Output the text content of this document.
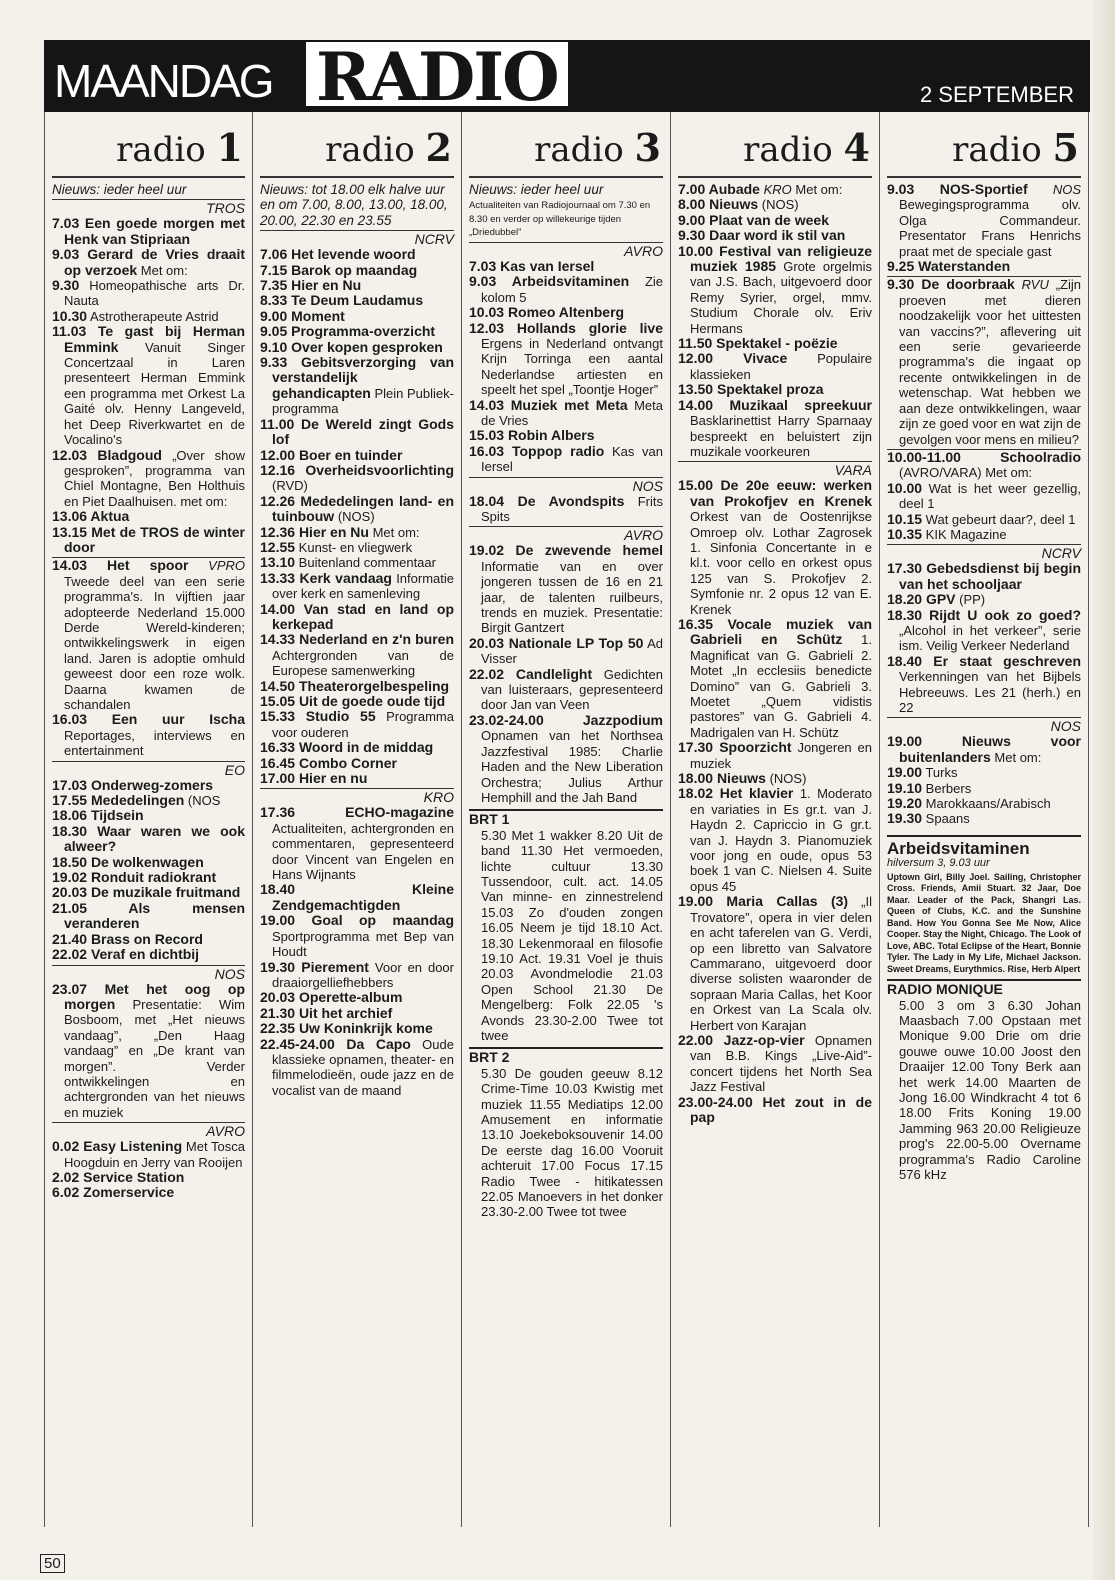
MAANDAG RADIO	2 SEPTEMBER
radio 1
Nieuws: ieder heel uur
TROS
7.03 Een goede morgen met Henk van Stipriaan
9.03 Gerard de Vries draait op verzoek Met om:
9.30 Homeopathische arts Dr. Nauta
10.30 Astrotherapeute Astrid
11.03 Te gast bij Herman Emmink Vanuit Singer Concertzaal in Laren presenteert Herman Emmink een programma met Orkest La Gaité olv. Henny Langeveld, het Deep Riverkwartet en de Vocalino's
12.03 Bladgoud „Over show gesproken”, programma van Chiel Montagne, Ben Holthuis en Piet Daalhuisen. met om:
13.06 Aktua
13.15 Met de TROS de winter door
14.03 Het spoor VPRO Tweede deel van een serie programma's. In vijftien jaar adopteerde Nederland 15.000 Derde Wereld-kinderen; ontwikkelingswerk in eigen land. Jaren is adoptie omhuld geweest door een roze wolk. Daarna kwamen de schandalen
16.03 Een uur Ischa Reportages, interviews en entertainment
EO
17.03 Onderweg-zomers
17.55 Mededelingen (NOS
18.06 Tijdsein
18.30 Waar waren we ook alweer?
18.50 De wolkenwagen
19.02 Ronduit radiokrant
20.03 De muzikale fruitmand
21.05	Als mensen veranderen
21.40 Brass on Record
22.02 Veraf en dichtbij
NOS
23.07 Met het oog op morgen Presentatie: Wim Bosboom, met „Het nieuws vandaag”, „Den Haag vandaag” en „De krant van morgen”. Verder ontwikkelingen en achtergronden van het nieuws en muziek
AVRO
0.02 Easy Listening Met Tosca Hoogduin en Jerry van Rooijen
2.02 Service Station
6.02 Zomerservice
radio 2
Nieuws: tot 18.00 elk halve uur en om 7.00, 8.00, 13.00, 18.00, 20.00, 22.30 en 23.55
NCRV
7.06 Het levende woord
7.15 Barok op maandag
7.35 Hier en Nu
8.33 Te Deum Laudamus
9.00 Moment
9.05 Programma-overzicht
9.10 Over kopen gesproken
9.33 Gebitsverzorging van verstandelijk gehandicapten Plein Publiek-programma
11.00 De Wereld zingt Gods lof
12.00 Boer en tuinder
12.16 Overheidsvoorlichting (RVD)
12.26 Mededelingen land- en tuinbouw (NOS)
12.36 Hier en Nu Met om:
12.55 Kunst- en vliegwerk
13.10 Buitenland commentaar
13.33 Kerk vandaag Informatie over kerk en samenleving
14.00 Van stad en land op kerkepad
14.33 Nederland en z'n buren Achtergronden van de Europese samenwerking
14.50 Theaterorgelbespeling
15.05 Uit de goede oude tijd
15.33 Studio 55 Programma voor ouderen
16.33 Woord in de middag
16.45 Combo Corner
17.00 Hier en nu
KRO
17.36	ECHO-magazine Actualiteiten, achtergronden en commentaren, gepresenteerd door Vincent van Engelen en Hans Wijnants
18.40	Kleine Zendgemachtigden
19.00 Goal op maandag Sportprogramma met Bep van Houdt
19.30 Pierement Voor en door draaiorgelliefhebbers
20.03 Operette-album
21.30 Uit het archief
22.35 Uw Koninkrijk kome
22.45-24.00 Da Capo Oude klassieke opnamen, theater- en filmmelodieën, oude jazz en de vocalist van de maand
radio 3
Nieuws: ieder heel uur
Actualiteiten van Radiojournaal om 7.30 en 8.30 en verder op willekeurige tijden „Driedubbel”
AVRO
7.03 Kas van Iersel
9.03 Arbeidsvitaminen Zie kolom 5
10.03 Romeo Altenberg
12.03 Hollands glorie live Ergens in Nederland ontvangt Krijn Torringa een aantal Nederlandse artiesten en speelt het spel „Toontje Hoger”
14.03 Muziek met Meta Meta de Vries
15.03 Robin Albers
16.03 Toppop radio Kas van Iersel
NOS
18.04 De Avondspits Frits Spits
AVRO
19.02 De zwevende hemel Informatie van en over jongeren tussen de 16 en 21 jaar, de talenten ruilbeurs, trends en muziek. Presentatie: Birgit Gantzert
20.03 Nationale LP Top 50 Ad Visser
22.02 Candlelight Gedichten van luisteraars, gepresenteerd door Jan van Veen
23.02-24.00	Jazzpodium Opnamen van het Northsea Jazzfestival 1985: Charlie Haden and the New Liberation Orchestra; Julius Arthur Hemphill and the Jah Band
BRT 1
5.30 Met 1 wakker 8.20 Uit de band 11.30 Het vermoeden, lichte cultuur 13.30 Tussendoor, cult. act. 14.05 Van minne- en zinnestrelend 15.03 Zo d'ouden zongen 16.05 Neem je tijd 18.10 Act. 18.30 Lekenmoraal en filosofie 19.10 Act. 19.31 Voel je thuis 20.03 Avondmelodie 21.03 Open School 21.30 De Mengelberg: Folk 22.05 's Avonds 23.30-2.00 Twee tot twee
BRT 2
5.30 De gouden geeuw 8.12 Crime-Time 10.03 Kwistig met muziek 11.55 Mediatips 12.00 Amusement en informatie 13.10 Joekeboksouvenir 14.00 De eerste dag 16.00 Vooruit achteruit 17.00 Focus 17.15 Radio Twee - hitikatessen 22.05 Manoevers in het donker 23.30-2.00 Twee tot twee
radio 4
7.00 Aubade KRO Met om:
8.00 Nieuws (NOS)
9.00 Plaat van de week
9.30 Daar word ik stil van
10.00 Festival van religieuze muziek 1985 Grote orgelmis van J.S. Bach, uitgevoerd door Remy Syrier, orgel, mmv. Studium Chorale olv. Eriv Hermans
11.50 Spektakel - poëzie
12.00 Vivace Populaire klassieken
13.50 Spektakel proza
14.00 Muzikaal spreekuur Basklarinettist Harry Sparnaay bespreekt en beluistert zijn muzikale voorkeuren
VARA
15.00 De 20e eeuw: werken van Prokofjev en Krenek Orkest van de Oostenrijkse Omroep olv. Lothar Zagrosek 1. Sinfonia Concertante in e kl.t. voor cello en orkest opus 125 van S. Prokofjev 2. Symfonie nr. 2 opus 12 van E. Krenek
16.35 Vocale muziek van Gabrieli en Schütz 1. Magnificat van G. Gabrieli 2. Motet „In ecclesiis benedicte Domino” van G. Gabrieli 3. Moetet „Quem vidistis pastores” van G. Gabrieli 4. Madrigalen van H. Schütz
17.30 Spoorzicht Jongeren en muziek
18.00 Nieuws (NOS)
18.02 Het klavier 1. Moderato en variaties in Es gr.t. van J. Haydn 2. Capriccio in G gr.t. van J. Haydn 3. Pianomuziek voor jong en oude, opus 53 boek 1 van C. Nielsen 4. Suite opus 45
19.00 Maria Callas (3) „Il Trovatore”, opera in vier delen en acht taferelen van G. Verdi, op een libretto van Salvatore Cammarano, uitgevoerd door diverse solisten waaronder de sopraan Maria Callas, het Koor en Orkest van La Scala olv. Herbert von Karajan
22.00 Jazz-op-vier Opnamen van B.B. Kings „Live-Aid”-concert tijdens het North Sea Jazz Festival
23.00-24.00 Het zout in de pap
radio 5
9.03 NOS-Sportief NOS Bewegingsprogramma olv. Olga Commandeur. Presentator Frans Henrichs praat met de speciale gast
9.25 Waterstanden
9.30 De doorbraak RVU „Zijn proeven met dieren noodzakelijk voor het uittesten van vaccins?”, aflevering uit een serie gevarieerde programma's die ingaat op recente ontwikkelingen in de wetenschap. Wat hebben we aan deze ontwikkelingen, waar zijn ze goed voor en wat zijn de gevolgen voor mens en milieu?
10.00-11.00	Schoolradio (AVRO/VARA) Met om:
10.00 Wat is het weer gezellig, deel 1
10.15 Wat gebeurt daar?, deel 1
10.35 KIK Magazine
NCRV
17.30 Gebedsdienst bij begin van het schooljaar
18.20 GPV (PP)
18.30 Rijdt U ook zo goed? „Alcohol in het verkeer”, serie ism. Veilig Verkeer Nederland
18.40 Er staat geschreven Verkenningen van het Bijbels Hebreeuws. Les 21 (herh.) en 22
NOS
19.00	Nieuws voor buitenlanders Met om:
19.00 Turks
19.10 Berbers
19.20 Marokkaans/Arabisch
19.30 Spaans
Arbeidsvitaminen
hilversum 3, 9.03 uur
Uptown Girl, Billy Joel. Sailing, Christopher Cross. Friends, Amii Stuart. 32 Jaar, Doe Maar. Leader of the Pack, Shangri Las. Queen of Clubs, K.C. and the Sunshine Band. How You Gonna See Me Now, Alice Cooper. Stay the Night, Chicago. The Look of Love, ABC. Total Eclipse of the Heart, Bonnie Tyler. The Lady in My Life, Michael Jackson. Sweet Dreams, Eurythmics. Rise, Herb Alpert
RADIO MONIQUE
5.00 3 om 3 6.30 Johan Maasbach 7.00 Opstaan met Monique 9.00 Drie om drie gouwe ouwe 10.00 Joost den Draaijer 12.00 Tony Berk aan het werk 14.00 Maarten de Jong 16.00 Windkracht 4 tot 6 18.00 Frits Koning 19.00 Jamming 963 20.00 Religieuze prog's 22.00-5.00 Overname programma's Radio Caroline 576 kHz
50
